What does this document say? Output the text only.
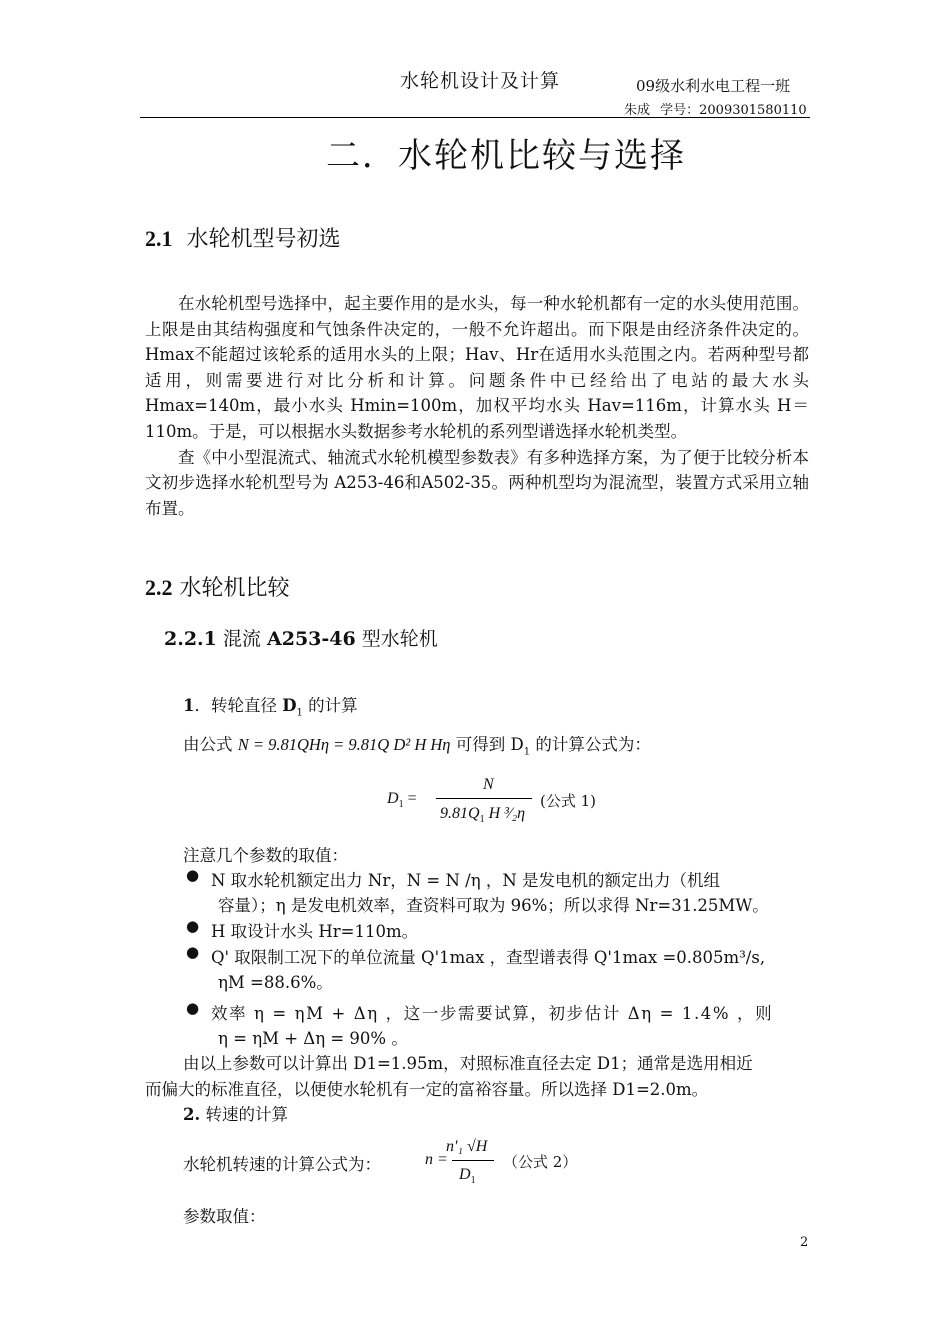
水轮机设计及计算	09级水利水电工程一班
朱成 学号：2009301580110
二．水轮机比较与选择
2.1 水轮机型号初选

在水轮机型号选择中，起主要作用的是水头，每一种水轮机都有一定的水头使用范围。上限是由其结构强度和气蚀条件决定的，一般不允许超出。而下限是由经济条件决定的。Hmax不能超过该轮系的适用水头的上限；Hav、Hr在适用水头范围之内。若两种型号都适用，则需要进行对比分析和计算。问题条件中已经给出了电站的最大水头 Hmax=140m，最小水头 Hmin=100m，加权平均水头 Hav=116m，计算水头 H＝110m。于是，可以根据水头数据参考水轮机的系列型谱选择水轮机类型。

查《中小型混流式、轴流式水轮机模型参数表》有多种选择方案，为了便于比较分析本文初步选择水轮机型号为 A253-46和A502-35。两种机型均为混流型，装置方式采用立轴布置。

2.2 水轮机比较
2.2.1 混流 A253-46 型水轮机
1．转轮直径 $D_1$ 的计算
由公式 N = 9.81QHη = 9.81Q D² H Hη 可得到 $D_1$ 的计算公式为：
$D_1$ =
N
$9.81Q_1$ H ³⁄₂η
(公式 1)
注意几个参数的取值：
● N 取水轮机额定出力 Nr，N = N /η ，N 是发电机的额定出力（机组
容量）；η 是发电机效率，查资料可取为 96%；所以求得 Nr=31.25MW。
● H 取设计水头 Hr=110m。
● Q' 取限制工况下的单位流量 Q'1max ，查型谱表得 Q'1max =0.805m³/s,
ηM =88.6%。
● 效率 η = ηM + Δη ，这一步需要试算，初步估计 Δη = 1.4% ，则
η = ηM + Δη = 90% 。
由以上参数可以计算出 D1=1.95m，对照标准直径去定 D1；通常是选用相近
而偏大的标准直径，以便使水轮机有一定的富裕容量。所以选择 D1=2.0m。
2. 转速的计算
水轮机转速的计算公式为：	n =
n'₁ √H
$D_1$
（公式 2）
参数取值：
2
